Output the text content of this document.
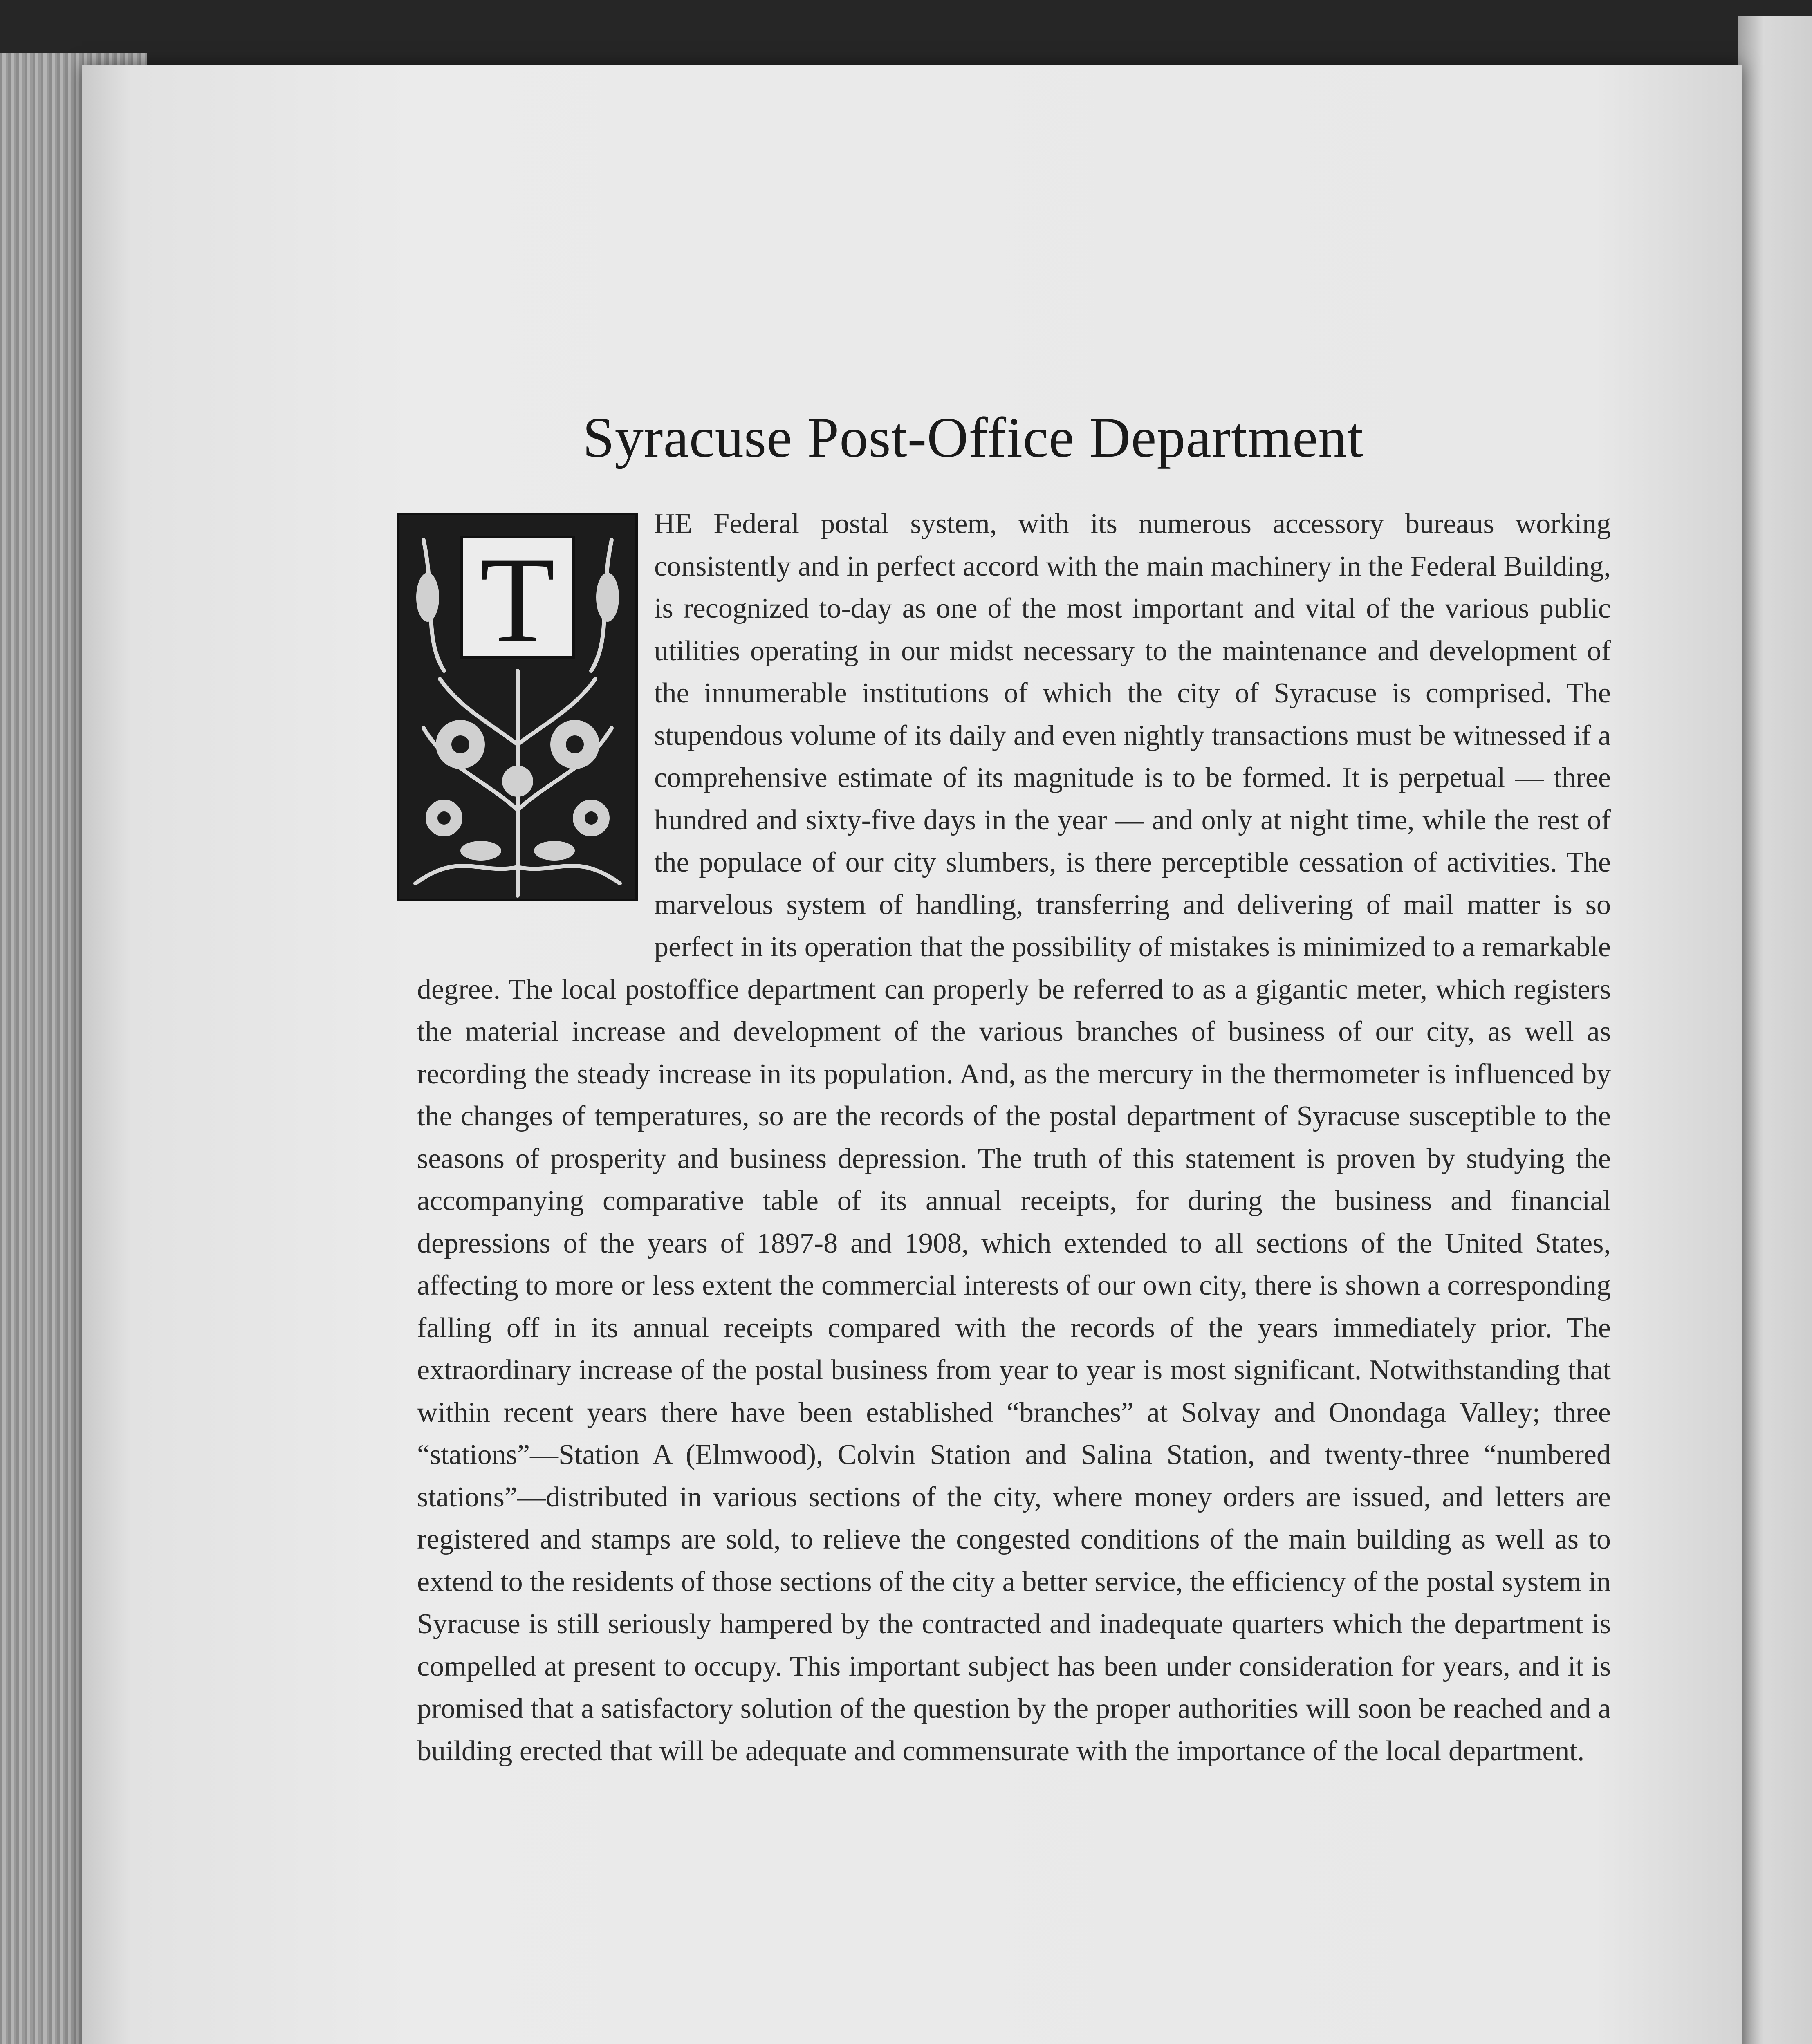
Syracuse Post-Office Department
T
HE Federal postal system, with its numerous accessory bureaus working consistently and in perfect accord with the main machinery in the Federal Building, is recognized to-day as one of the most important and vital of the various public utilities operating in our midst necessary to the maintenance and development of the innumerable institutions of which the city of Syracuse is comprised. The stupendous volume of its daily and even nightly transactions must be witnessed if a comprehensive estimate of its magnitude is to be formed. It is perpetual — three hundred and sixty-five days in the year — and only at night time, while the rest of the populace of our city slumbers, is there perceptible cessation of activities. The marvelous system of handling, transferring and delivering of mail matter is so perfect in its operation that the possibility of mistakes is minimized to a remarkable degree. The local postoffice department can properly be referred to as a gigantic meter, which registers the material increase and development of the various branches of business of our city, as well as recording the steady increase in its population. And, as the mercury in the thermometer is influenced by the changes of temperatures, so are the records of the postal department of Syracuse susceptible to the seasons of prosperity and business depression. The truth of this statement is proven by studying the accompanying comparative table of its annual receipts, for during the business and financial depressions of the years of 1897-8 and 1908, which extended to all sections of the United States, affecting to more or less extent the commercial interests of our own city, there is shown a corresponding falling off in its annual receipts compared with the records of the years immediately prior. The extraordinary increase of the postal business from year to year is most significant. Notwithstanding that within recent years there have been established “branches” at Solvay and Onondaga Valley; three “stations”—Station A (Elmwood), Colvin Station and Salina Station, and twenty-three “numbered stations”—distributed in various sections of the city, where money orders are issued, and letters are registered and stamps are sold, to relieve the congested conditions of the main building as well as to extend to the residents of those sections of the city a better service, the efficiency of the postal system in Syracuse is still seriously hampered by the contracted and inadequate quarters which the department is compelled at present to occupy. This important subject has been under consideration for years, and it is promised that a satisfactory solution of the question by the proper authorities will soon be reached and a building erected that will be adequate and commensurate with the importance of the local department.
